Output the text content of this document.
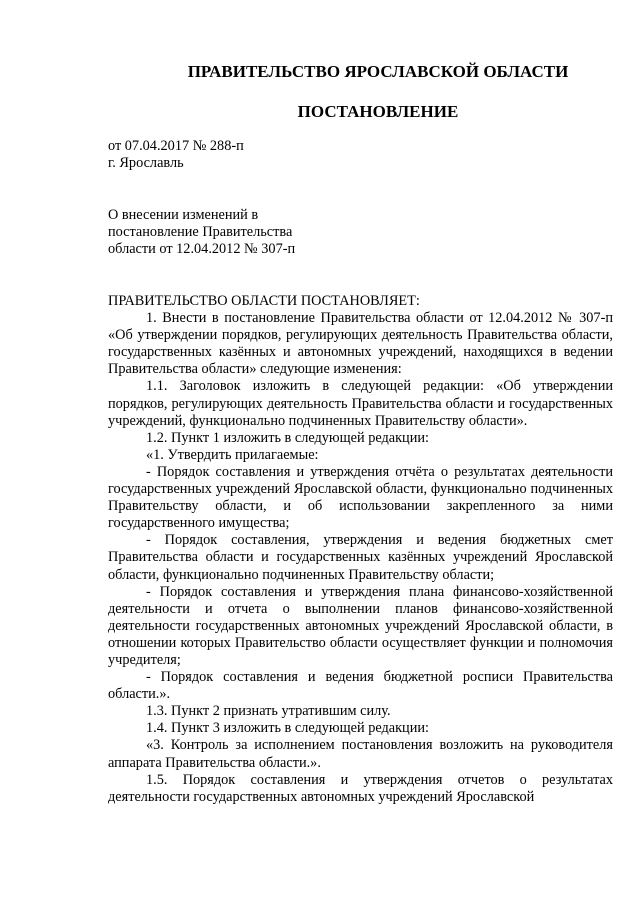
ПРАВИТЕЛЬСТВО ЯРОСЛАВСКОЙ ОБЛАСТИ
ПОСТАНОВЛЕНИЕ
от 07.04.2017 № 288-п
г. Ярославль
О внесении изменений в
постановление Правительства
области от 12.04.2012 № 307-п

ПРАВИТЕЛЬСТВО ОБЛАСТИ ПОСТАНОВЛЯЕТ:

1. Внести в постановление Правительства области от 12.04.2012 № 307-п «Об утверждении порядков, регулирующих деятельность Правительства области, государственных казённых и автономных учреждений, находящихся в ведении Правительства области» следующие изменения:

1.1. Заголовок изложить в следующей редакции: «Об утверждении порядков, регулирующих деятельность Правительства области и государственных учреждений, функционально подчиненных Правительству области».

1.2. Пункт 1 изложить в следующей редакции:

«1. Утвердить прилагаемые:

- Порядок составления и утверждения отчёта о результатах деятельности государственных учреждений Ярославской области, функционально подчиненных Правительству области, и об использовании закрепленного за ними государственного имущества;

- Порядок составления, утверждения и ведения бюджетных смет Правительства области и государственных казённых учреждений Ярославской области, функционально подчиненных Правительству области;

- Порядок составления и утверждения плана финансово-хозяйственной деятельности и отчета о выполнении планов финансово-хозяйственной деятельности государственных автономных учреждений Ярославской области, в отношении которых Правительство области осуществляет функции и полномочия учредителя;

- Порядок составления и ведения бюджетной росписи Правительства области.».

1.3. Пункт 2 признать утратившим силу.

1.4. Пункт 3 изложить в следующей редакции:

«3. Контроль за исполнением постановления возложить на руководителя аппарата Правительства области.».

1.5. Порядок составления и утверждения отчетов о результатах деятельности государственных автономных учреждений Ярославской
